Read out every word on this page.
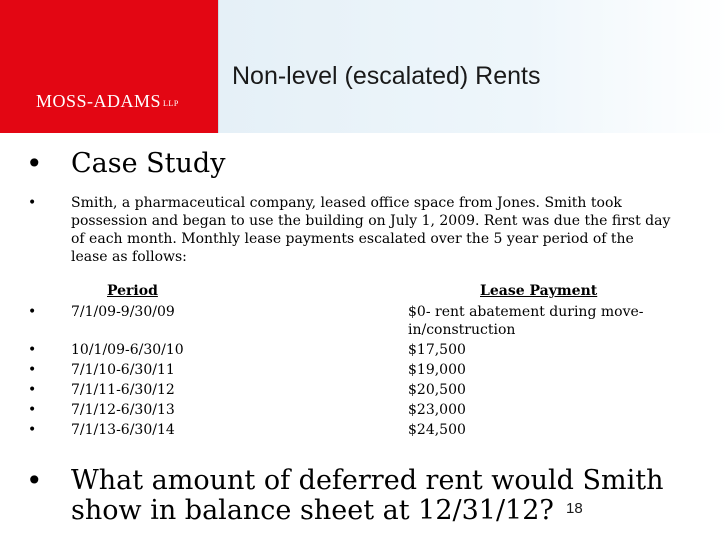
Non-level (escalated) Rents
MOSS-ADAMS LLP
• Case Study
• Smith, a pharmaceutical company, leased office space from Jones. Smith took possession and began to use the building on July 1, 2009. Rent was due the first day of each month. Monthly lease payments escalated over the 5 year period of the lease as follows:
Period	Lease Payment
• 7/1/09-9/30/09	$0- rent abatement during move-in/construction
• 10/1/09-6/30/10	$17,500
• 7/1/10-6/30/11	$19,000
• 7/1/11-6/30/12	$20,500
• 7/1/12-6/30/13	$23,000
• 7/1/13-6/30/14	$24,500
• What amount of deferred rent would Smith show in balance sheet at 12/31/12? 18
